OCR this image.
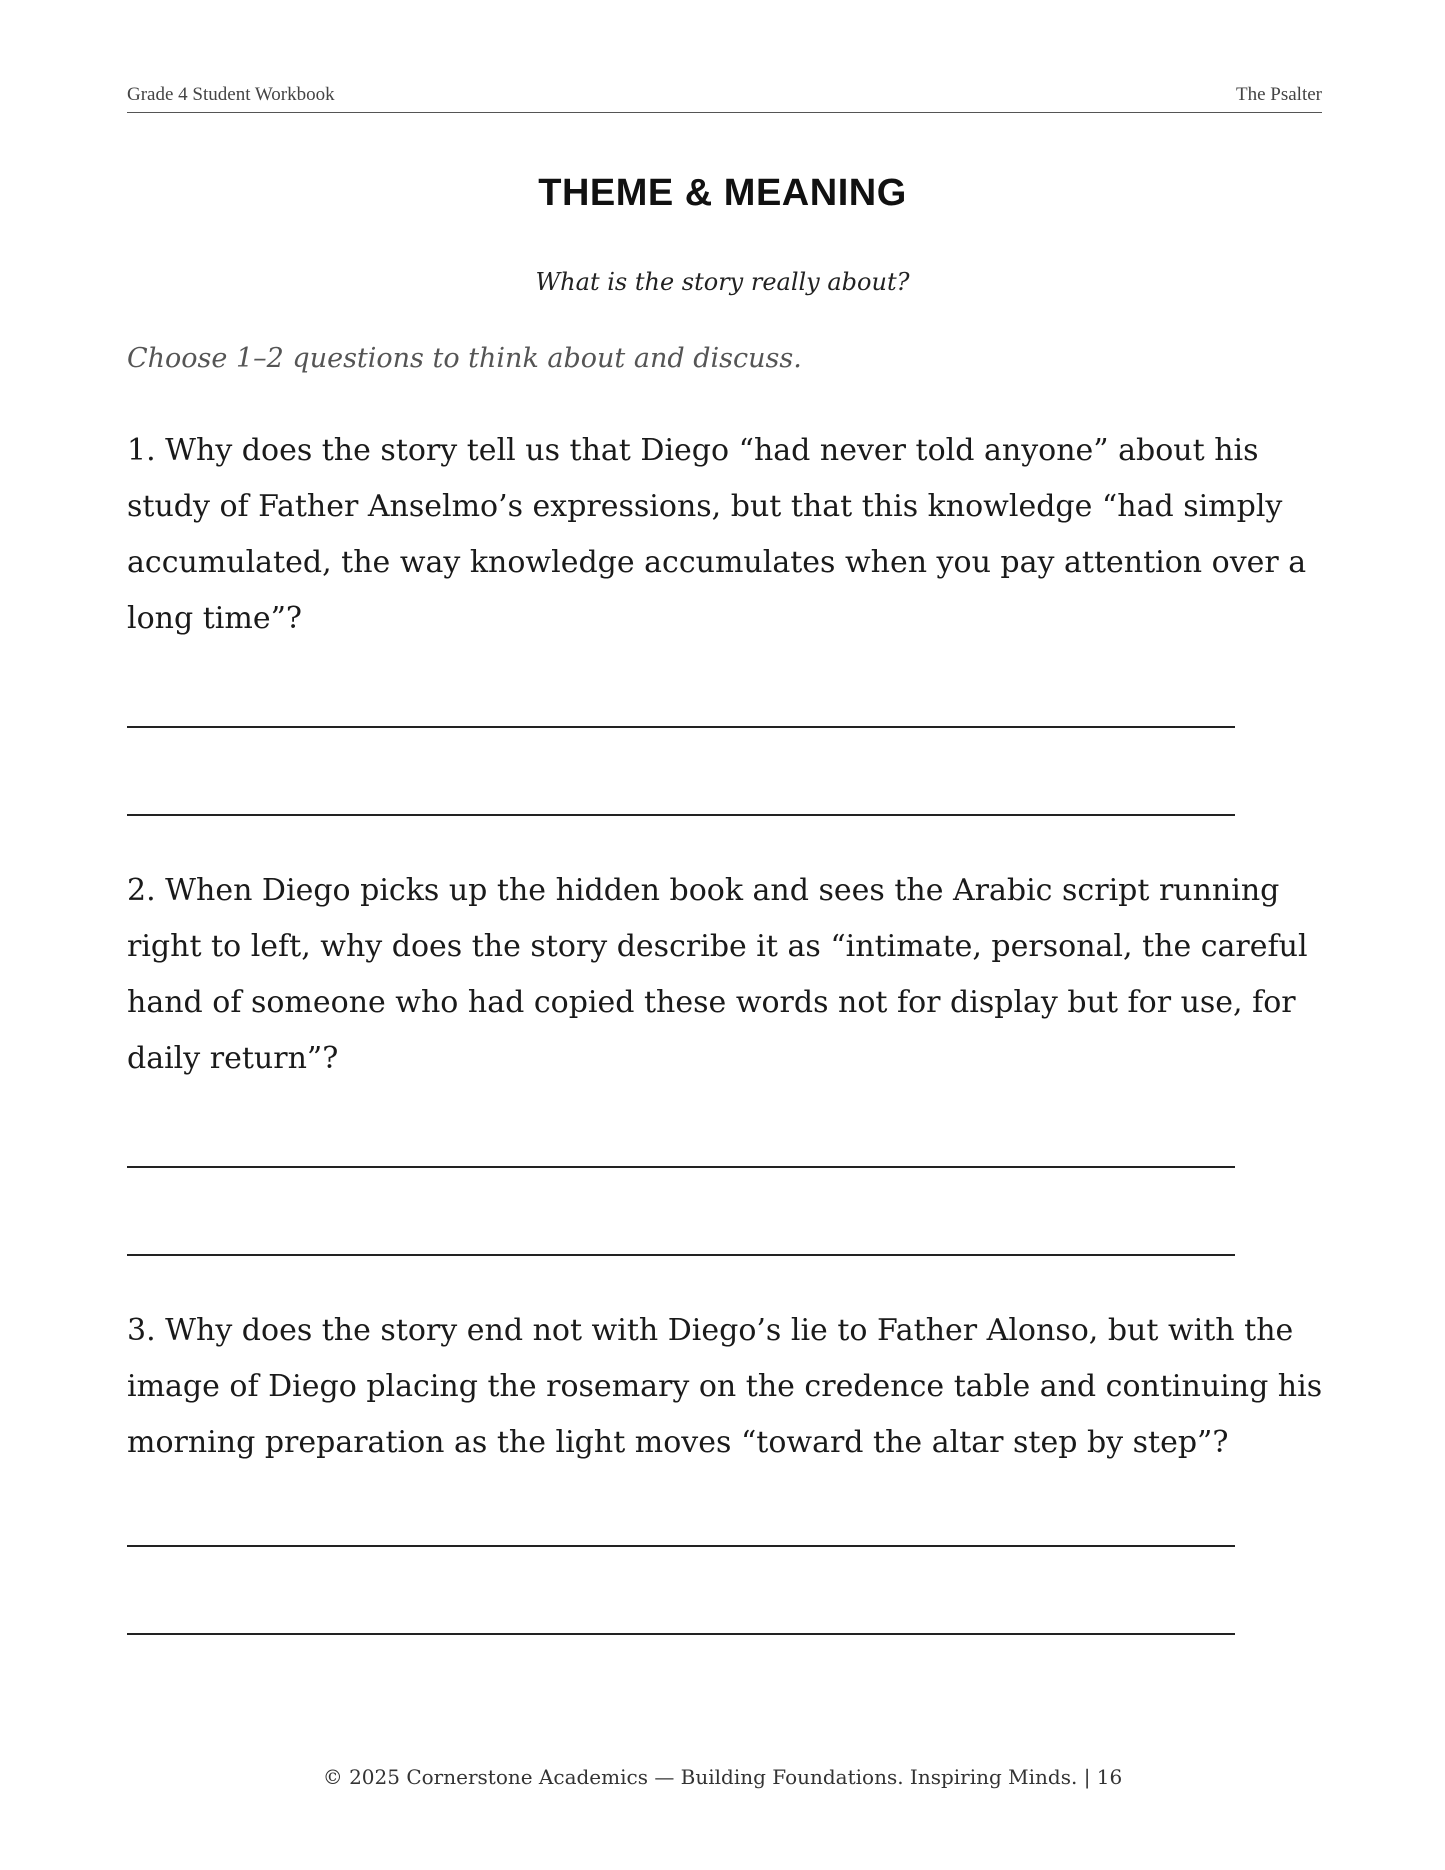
Grade 4 Student Workbook	The Psalter
THEME & MEANING

What is the story really about?

Choose 1–2 questions to think about and discuss.

1. Why does the story tell us that Diego “had never told anyone” about his study of Father Anselmo’s expressions, but that this knowledge “had simply accumulated, the way knowledge accumulates when you pay attention over a long time”?

2. When Diego picks up the hidden book and sees the Arabic script running right to left, why does the story describe it as “intimate, personal, the careful hand of someone who had copied these words not for display but for use, for daily return”?

3. Why does the story end not with Diego’s lie to Father Alonso, but with the image of Diego placing the rosemary on the credence table and continuing his morning preparation as the light moves “toward the altar step by step”?

© 2025 Cornerstone Academics — Building Foundations. Inspiring Minds. | 16
